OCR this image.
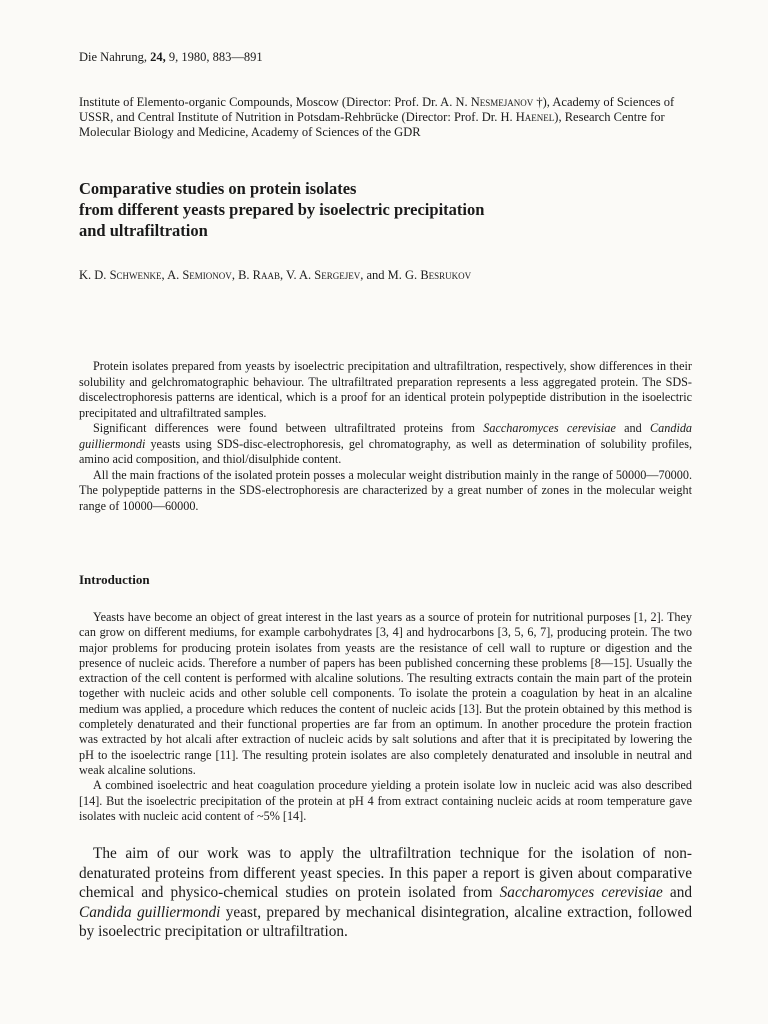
Die Nahrung, 24, 9, 1980, 883—891
Institute of Elemento-organic Compounds, Moscow (Director: Prof. Dr. A. N. Nesmejanov †), Academy of Sciences of USSR, and Central Institute of Nutrition in Potsdam-Rehbrücke (Director: Prof. Dr. H. Haenel), Research Centre for Molecular Biology and Medicine, Academy of Sciences of the GDR
Comparative studies on protein isolates
from different yeasts prepared by isoelectric precipitation
and ultrafiltration
K. D. Schwenke, A. Semionov, B. Raab, V. A. Sergejev, and M. G. Besrukov

Protein isolates prepared from yeasts by isoelectric precipitation and ultrafiltration, respectively, show differences in their solubility and gelchromatographic behaviour. The ultrafiltrated preparation represents a less aggregated protein. The SDS-discelectrophoresis patterns are identical, which is a proof for an identical protein polypeptide distribution in the isoelectric precipitated and ultrafiltrated samples.

Significant differences were found between ultrafiltrated proteins from Saccharomyces cerevisiae and Candida guilliermondi yeasts using SDS-disc-electrophoresis, gel chromatography, as well as determination of solubility profiles, amino acid composition, and thiol/disulphide content.

All the main fractions of the isolated protein posses a molecular weight distribution mainly in the range of 50000—70000. The polypeptide patterns in the SDS-electrophoresis are characterized by a great number of zones in the molecular weight range of 10000—60000.

Introduction

Yeasts have become an object of great interest in the last years as a source of protein for nutritional purposes [1, 2]. They can grow on different mediums, for example carbohydrates [3, 4] and hydrocarbons [3, 5, 6, 7], producing protein. The two major problems for producing protein isolates from yeasts are the resistance of cell wall to rupture or digestion and the presence of nucleic acids. Therefore a number of papers has been published concerning these problems [8—15]. Usually the extraction of the cell content is performed with alcaline solutions. The resulting extracts contain the main part of the protein together with nucleic acids and other soluble cell components. To isolate the protein a coagulation by heat in an alcaline medium was applied, a procedure which reduces the content of nucleic acids [13]. But the protein obtained by this method is completely denaturated and their functional properties are far from an optimum. In another procedure the protein fraction was extracted by hot alcali after extraction of nucleic acids by salt solutions and after that it is precipitated by lowering the pH to the isoelectric range [11]. The resulting protein isolates are also completely denaturated and insoluble in neutral and weak alcaline solutions.

A combined isoelectric and heat coagulation procedure yielding a protein isolate low in nucleic acid was also described [14]. But the isoelectric precipitation of the protein at pH 4 from extract containing nucleic acids at room temperature gave isolates with nucleic acid content of ~5% [14].

The aim of our work was to apply the ultrafiltration technique for the isolation of non-denaturated proteins from different yeast species. In this paper a report is given about comparative chemical and physico-chemical studies on protein isolated from Saccharomyces cerevisiae and Candida guilliermondi yeast, prepared by mechanical disintegration, alcaline extraction, followed by isoelectric precipitation or ultrafiltration.
